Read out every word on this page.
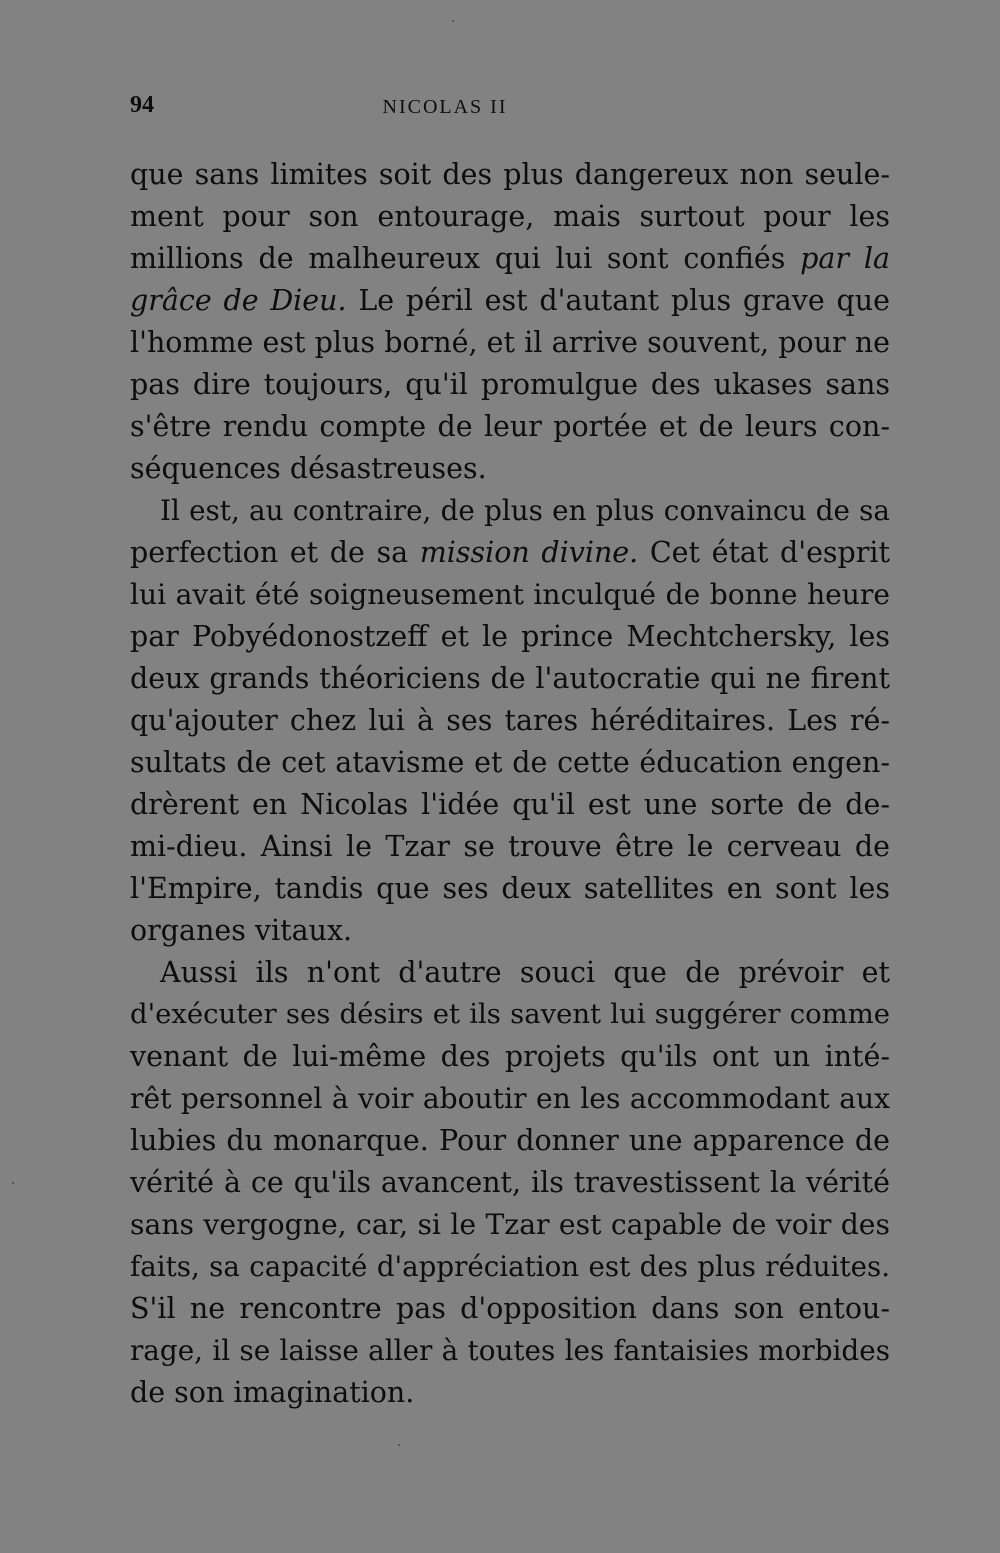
94	NICOLAS II
que sans limites soit des plus dangereux non seule-
ment pour son entourage, mais surtout pour les
millions de malheureux qui lui sont confiés par la
grâce de Dieu. Le péril est d'autant plus grave que
l'homme est plus borné, et il arrive souvent, pour ne
pas dire toujours, qu'il promulgue des ukases sans
s'être rendu compte de leur portée et de leurs con-
séquences désastreuses.
Il est, au contraire, de plus en plus convaincu de sa
perfection et de sa mission divine. Cet état d'esprit
lui avait été soigneusement inculqué de bonne heure
par Pobyédonostzeff et le prince Mechtchersky, les
deux grands théoriciens de l'autocratie qui ne firent
qu'ajouter chez lui à ses tares héréditaires. Les ré-
sultats de cet atavisme et de cette éducation engen-
drèrent en Nicolas l'idée qu'il est une sorte de de-
mi-dieu. Ainsi le Tzar se trouve être le cerveau de
l'Empire, tandis que ses deux satellites en sont les
organes vitaux.
Aussi ils n'ont d'autre souci que de prévoir et
d'exécuter ses désirs et ils savent lui suggérer comme
venant de lui-même des projets qu'ils ont un inté-
rêt personnel à voir aboutir en les accommodant aux
lubies du monarque. Pour donner une apparence de
vérité à ce qu'ils avancent, ils travestissent la vérité
sans vergogne, car, si le Tzar est capable de voir des
faits, sa capacité d'appréciation est des plus réduites.
S'il ne rencontre pas d'opposition dans son entou-
rage, il se laisse aller à toutes les fantaisies morbides
de son imagination.
